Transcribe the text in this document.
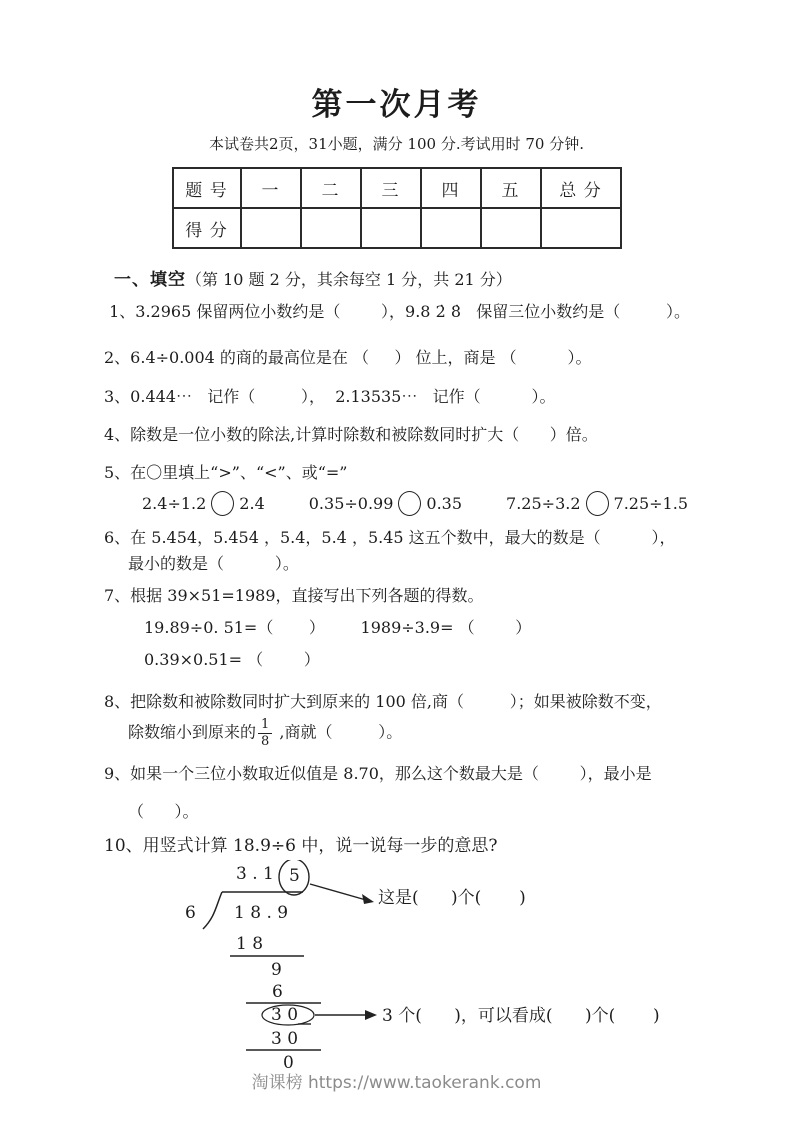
第一次月考
本试卷共2页，31小题，满分 100 分.考试用时 70 分钟.
题 号	一	二	三	四	五	总 分
得 分						
一、填空（第 10 题 2 分，其余每空 1 分，共 21 分）
1、3.2965 保留两位小数约是（        ），9.8 2̇ 8̇   保留三位小数约是（         ）。
2、6.4÷0.004 的商的最高位是在 （     ） 位上，商是 （          ）。
3、0.444⋯   记作（         ），  2.13535⋯   记作（          ）。
4、除数是一位小数的除法,计算时除数和被除数同时扩大（      ）倍。
5、在〇里填上“>”、“<”、或“=”
2.4÷1.2 2.4	0.35÷0.99 0.35	7.25÷3.2 7.25÷1.5
6、在 5.454，5.4̇54̇ ，5.4，5.4̇ ，5.4̇5̇ 这五个数中，最大的数是（          ），
最小的数是（          ）。
7、根据 39×51=1989，直接写出下列各题的得数。
19.89÷0. 51=（       ）       1989÷3.9= （        ）
0.39×0.51= （        ）
8、把除数和被除数同时扩大到原来的 100 倍,商（         ）；如果被除数不变，
除数缩小到原来的 $\frac{1}{8}$ ,商就（         ）。
9、如果一个三位小数取近似值是 8.70，那么这个数最大是（        ），最小是
（      ）。
10、用竖式计算 18.9÷6 中，说一说每一步的意思?
3 . 1 5
这是(      )个(       )
6 1 8 . 9
1 8
9
6
3 0	3 个(      )，可以看成(      )个(       )
3 0
0
淘课榜 https://www.taokerank.com
